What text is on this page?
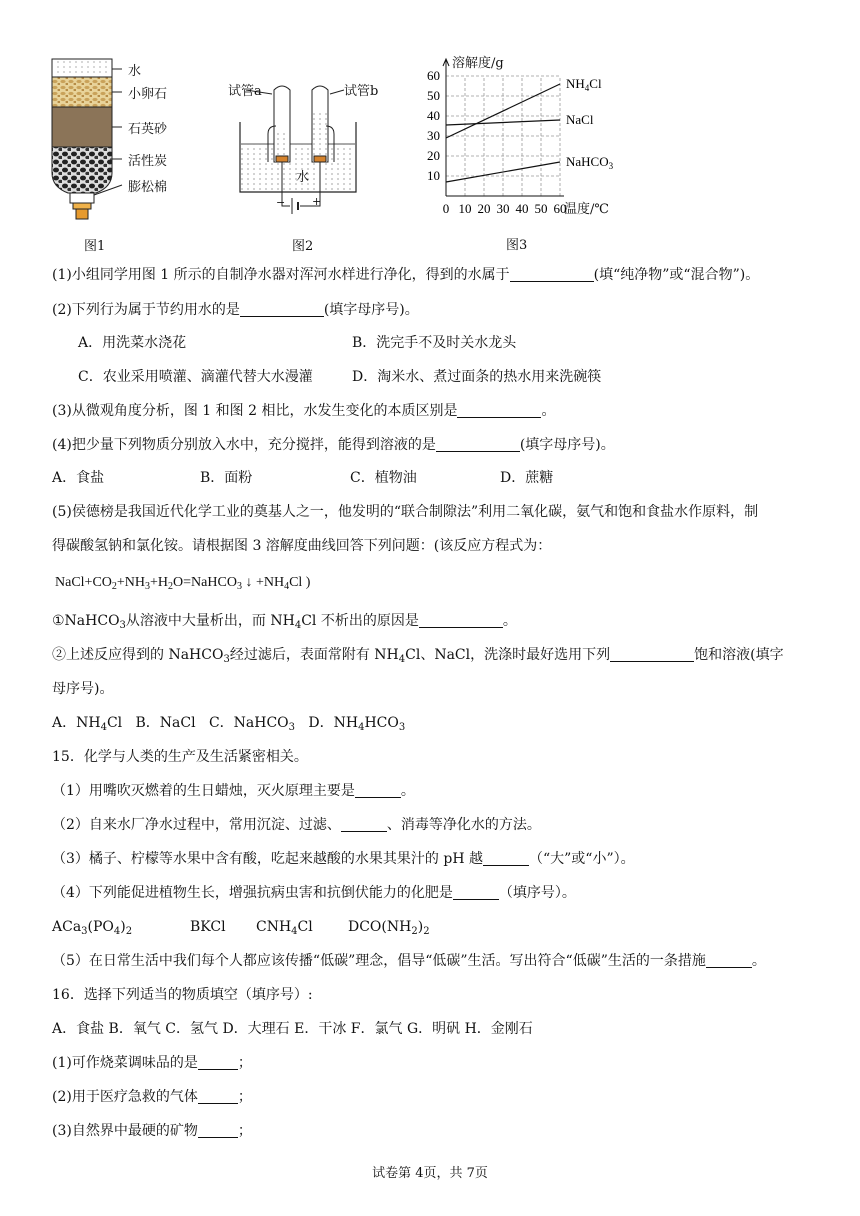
水
小卵石
石英砂
活性炭
膨松棉
图1
试管a	试管b
水
− +
图2
0 10 20 30 40 50 60
10
20
30
40
50
60
$NH_4Cl$
NaCl
NaHCO$_3$
溶解度/g
温度/℃
图3
(1)小组同学用图 1 所示的自制净水器对浑河水样进行净化，得到的水属于	(填“纯净物”或“混合物”)。
(2)下列行为属于节约用水的是	(填字母序号)。
A．用洗菜水浇花	B．洗完手不及时关水龙头
C．农业采用喷灌、滴灌代替大水漫灌	D．淘米水、煮过面条的热水用来洗碗筷
(3)从微观角度分析，图 1 和图 2 相比，水发生变化的本质区别是	。
(4)把少量下列物质分别放入水中，充分搅拌，能得到溶液的是	(填字母序号)。
A．食盐	B．面粉	C．植物油	D．蔗糖
(5)侯德榜是我国近代化学工业的奠基人之一，他发明的“联合制隙法”利用二氧化碳，氨气和饱和食盐水作原料，制
得碳酸氢钠和氯化铵。请根据图 3 溶解度曲线回答下列问题：(该反应方程式为：
$NaCl+CO_2+NH_3+H_2O=NaHCO_3$ ↓ $+NH_4Cl$ )
①NaHCO$_3$从溶液中大量析出，而 $NH_4Cl$ 不析出的原因是	。
②上述反应得到的 NaHCO$_3$经过滤后，表面常附有 $NH_4Cl$、NaCl，洗涤时最好选用下列	饱和溶液(填字
母序号)。
A．$NH_4Cl$ B．NaCl C．NaHCO$_3$ D．$NH_4HCO_3$
15．化学与人类的生产及生活紧密相关。
（1）用嘴吹灭燃着的生日蜡烛，灭火原理主要是	。
（2）自来水厂净水过程中，常用沉淀、过滤、	、消毒等净化水的方法。
（3）橘子、柠檬等水果中含有酸，吃起来越酸的水果其果汁的 pH 越	（“大”或“小”）。
（4）下列能促进植物生长，增强抗病虫害和抗倒伏能力的化肥是	（填序号）。
$ACa_3(PO_4)_2$	BKCl $CNH_4Cl$	$DCO(NH_2)_2$
（5）在日常生活中我们每个人都应该传播“低碳”理念，倡导“低碳”生活。写出符合“低碳”生活的一条措施	。
16．选择下列适当的物质填空（填序号）:
A．食盐 B．氧气 C．氢气 D．大理石 E．干冰 F．氯气 G．明矾 H．金刚石
(1)可作烧菜调味品的是	；
(2)用于医疗急救的气体	；
(3)自然界中最硬的矿物	；
试卷第 4页，共 7页
